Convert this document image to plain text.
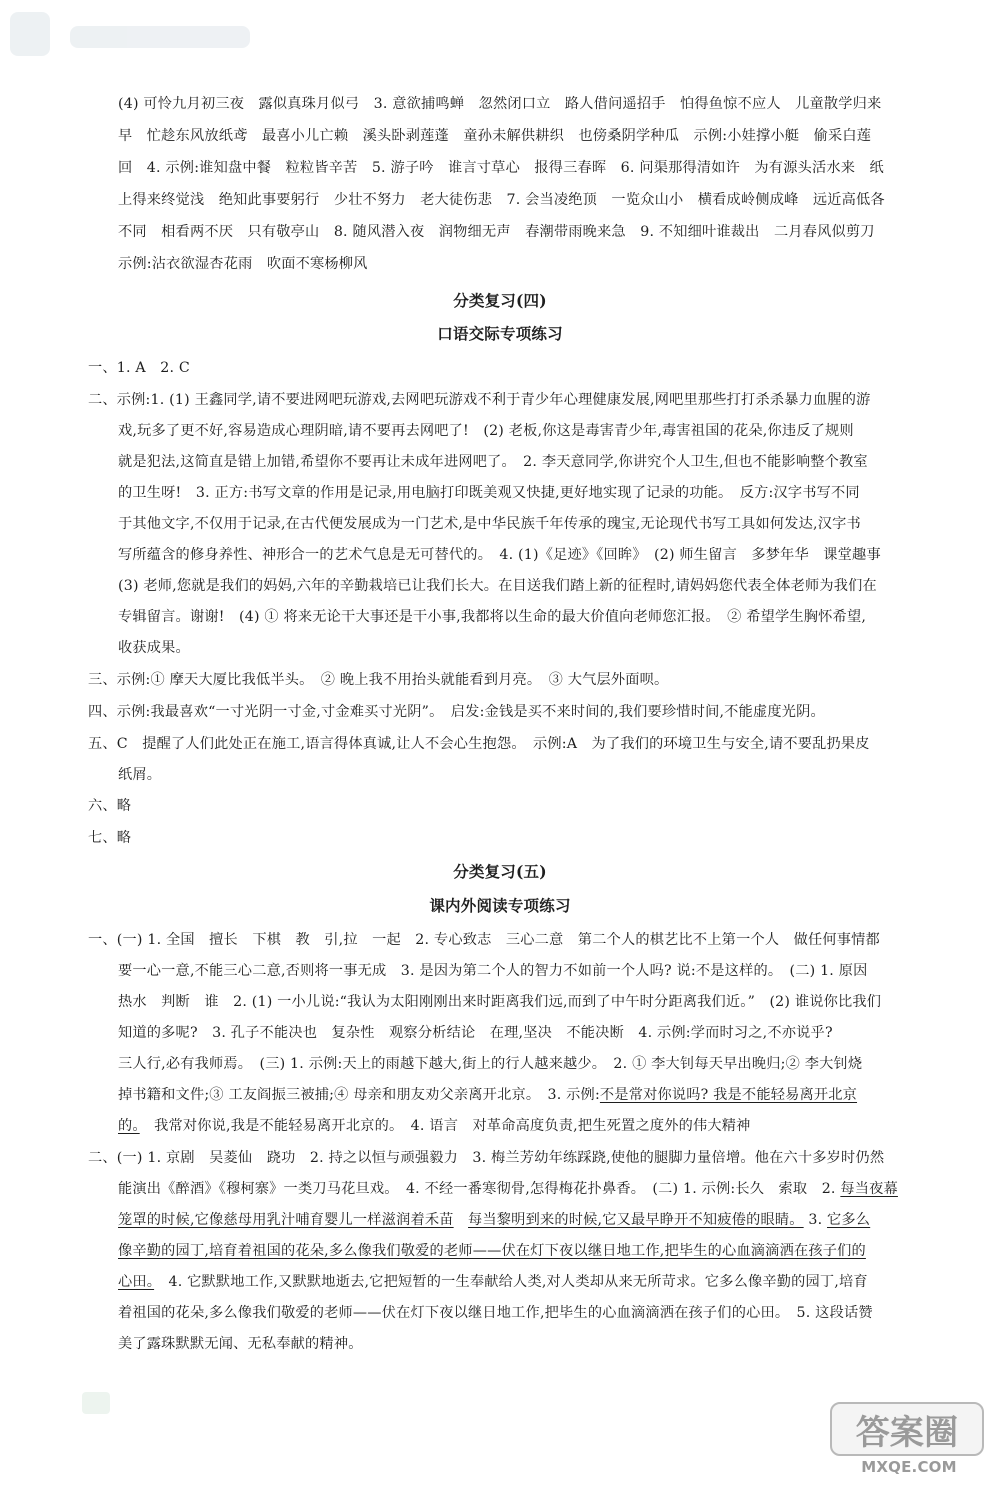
(4) 可怜九月初三夜　露似真珠月似弓　3. 意欲捕鸣蝉　忽然闭口立　路人借问遥招手　怕得鱼惊不应人　儿童散学归来
早　忙趁东风放纸鸢　最喜小儿亡赖　溪头卧剥莲蓬　童孙未解供耕织　也傍桑阴学种瓜　示例:小娃撑小艇　偷采白莲
回　4. 示例:谁知盘中餐　粒粒皆辛苦　5. 游子吟　谁言寸草心　报得三春晖　6. 问渠那得清如许　为有源头活水来　纸
上得来终觉浅　绝知此事要躬行　少壮不努力　老大徒伤悲　7. 会当凌绝顶　一览众山小　横看成岭侧成峰　远近高低各
不同　相看两不厌　只有敬亭山　8. 随风潜入夜　润物细无声　春潮带雨晚来急　9. 不知细叶谁裁出　二月春风似剪刀
示例:沾衣欲湿杏花雨　吹面不寒杨柳风
分类复习(四)
口语交际专项练习
一、1. A　2. C
二、示例:1. (1) 王鑫同学,请不要进网吧玩游戏,去网吧玩游戏不利于青少年心理健康发展,网吧里那些打打杀杀暴力血腥的游
戏,玩多了更不好,容易造成心理阴暗,请不要再去网吧了!　(2) 老板,你这是毒害青少年,毒害祖国的花朵,你违反了规则
就是犯法,这简直是错上加错,希望你不要再让未成年进网吧了。　2. 李天意同学,你讲究个人卫生,但也不能影响整个教室
的卫生呀!　3. 正方:书写文章的作用是记录,用电脑打印既美观又快捷,更好地实现了记录的功能。　反方:汉字书写不同
于其他文字,不仅用于记录,在古代便发展成为一门艺术,是中华民族千年传承的瑰宝,无论现代书写工具如何发达,汉字书
写所蕴含的修身养性、神形合一的艺术气息是无可替代的。　4. (1)《足迹》《回眸》　(2) 师生留言　多梦年华　课堂趣事
(3) 老师,您就是我们的妈妈,六年的辛勤栽培已让我们长大。在目送我们踏上新的征程时,请妈妈您代表全体老师为我们在
专辑留言。谢谢!　(4) ① 将来无论干大事还是干小事,我都将以生命的最大价值向老师您汇报。　② 希望学生胸怀希望,
收获成果。
三、示例:① 摩天大厦比我低半头。　② 晚上我不用抬头就能看到月亮。　③ 大气层外面呗。
四、示例:我最喜欢“一寸光阴一寸金,寸金难买寸光阴”。　启发:金钱是买不来时间的,我们要珍惜时间,不能虚度光阴。
五、C　提醒了人们此处正在施工,语言得体真诚,让人不会心生抱怨。　示例:A　为了我们的环境卫生与安全,请不要乱扔果皮
纸屑。
六、略
七、略
分类复习(五)
课内外阅读专项练习
一、(一) 1. 全国　擅长　下棋　教　引,拉　一起　2. 专心致志　三心二意　第二个人的棋艺比不上第一个人　做任何事情都
要一心一意,不能三心二意,否则将一事无成　3. 是因为第二个人的智力不如前一个人吗? 说:不是这样的。　(二) 1. 原因
热水　判断　谁　2. (1) 一小儿说:“我认为太阳刚刚出来时距离我们远,而到了中午时分距离我们近。”　(2) 谁说你比我们
知道的多呢?　3. 孔子不能决也　复杂性　观察分析结论　在理,坚决　不能决断　4. 示例:学而时习之,不亦说乎?
三人行,必有我师焉。　(三) 1. 示例:天上的雨越下越大,街上的行人越来越少。　2. ① 李大钊每天早出晚归;② 李大钊烧
掉书籍和文件;③ 工友阎振三被捕;④ 母亲和朋友劝父亲离开北京。　3. 示例:不是常对你说吗? 我是不能轻易离开北京
的。　我常对你说,我是不能轻易离开北京的。　4. 语言　对革命高度负责,把生死置之度外的伟大精神
二、(一) 1. 京剧　吴菱仙　跷功　2. 持之以恒与顽强毅力　3. 梅兰芳幼年练踩跷,使他的腿脚力量倍增。他在六十多岁时仍然
能演出《醉酒》《穆柯寨》一类刀马花旦戏。　4. 不经一番寒彻骨,怎得梅花扑鼻香。　(二) 1. 示例:长久　索取　2. 每当夜幕
笼罩的时候,它像慈母用乳汁哺育婴儿一样滋润着禾苗　 每当黎明到来的时候,它又最早睁开不知疲倦的眼睛。 3. 它多么
像辛勤的园丁,培育着祖国的花朵,多么像我们敬爱的老师——伏在灯下夜以继日地工作,把毕生的心血滴滴洒在孩子们的
心田。　4. 它默默地工作,又默默地逝去,它把短暂的一生奉献给人类,对人类却从来无所苛求。它多么像辛勤的园丁,培育
着祖国的花朵,多么像我们敬爱的老师——伏在灯下夜以继日地工作,把毕生的心血滴滴洒在孩子们的心田。　5. 这段话赞
美了露珠默默无闻、无私奉献的精神。
答案圈
MXQE.COM
